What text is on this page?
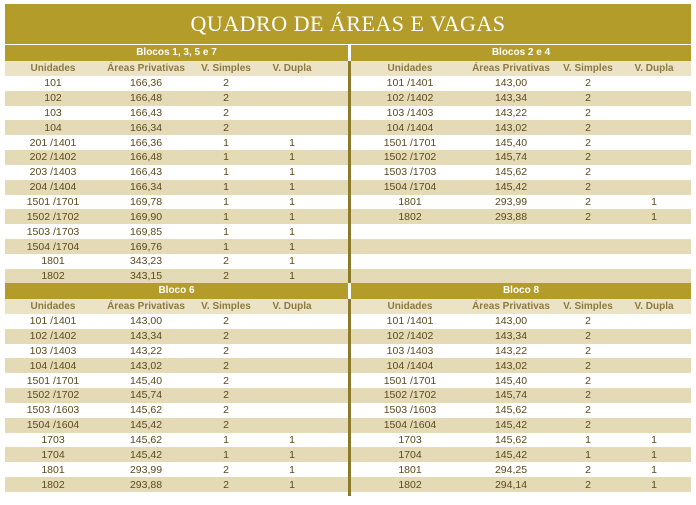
QUADRO DE ÁREAS E VAGAS
Blocos 1, 3, 5 e 7
Unidades	Áreas Privativas	V. Simples	V. Dupla
101	166,36	2
102	166,48	2
103	166,43	2
104	166,34	2
201 /1401	166,36	1	1
202 /1402	166,48	1	1
203 /1403	166,43	1	1
204 /1404	166,34	1	1
1501 /1701	169,78	1	1
1502 /1702	169,90	1	1
1503 /1703	169,85	1	1
1504 /1704	169,76	1	1
1801	343,23	2	1
1802	343,15	2	1
Blocos 2 e 4
Unidades	Áreas Privativas	V. Simples	V. Dupla
101 /1401	143,00	2
102 /1402	143,34	2
103 /1403	143,22	2
104 /1404	143,02	2
1501 /1701	145,40	2
1502 /1702	145,74	2
1503 /1703	145,62	2
1504 /1704	145,42	2
1801	293,99	2	1
1802	293,88	2	1
Bloco 6
Unidades	Áreas Privativas	V. Simples	V. Dupla
101 /1401	143,00	2
102 /1402	143,34	2
103 /1403	143,22	2
104 /1404	143,02	2
1501 /1701	145,40	2
1502 /1702	145,74	2
1503 /1603	145,62	2
1504 /1604	145,42	2
1703	145,62	1	1
1704	145,42	1	1
1801	293,99	2	1
1802	293,88	2	1
Bloco 8
Unidades	Áreas Privativas	V. Simples	V. Dupla
101 /1401	143,00	2
102 /1402	143,34	2
103 /1403	143,22	2
104 /1404	143,02	2
1501 /1701	145,40	2
1502 /1702	145,74	2
1503 /1603	145,62	2
1504 /1604	145,42	2
1703	145,62	1	1
1704	145,42	1	1
1801	294,25	2	1
1802	294,14	2	1
